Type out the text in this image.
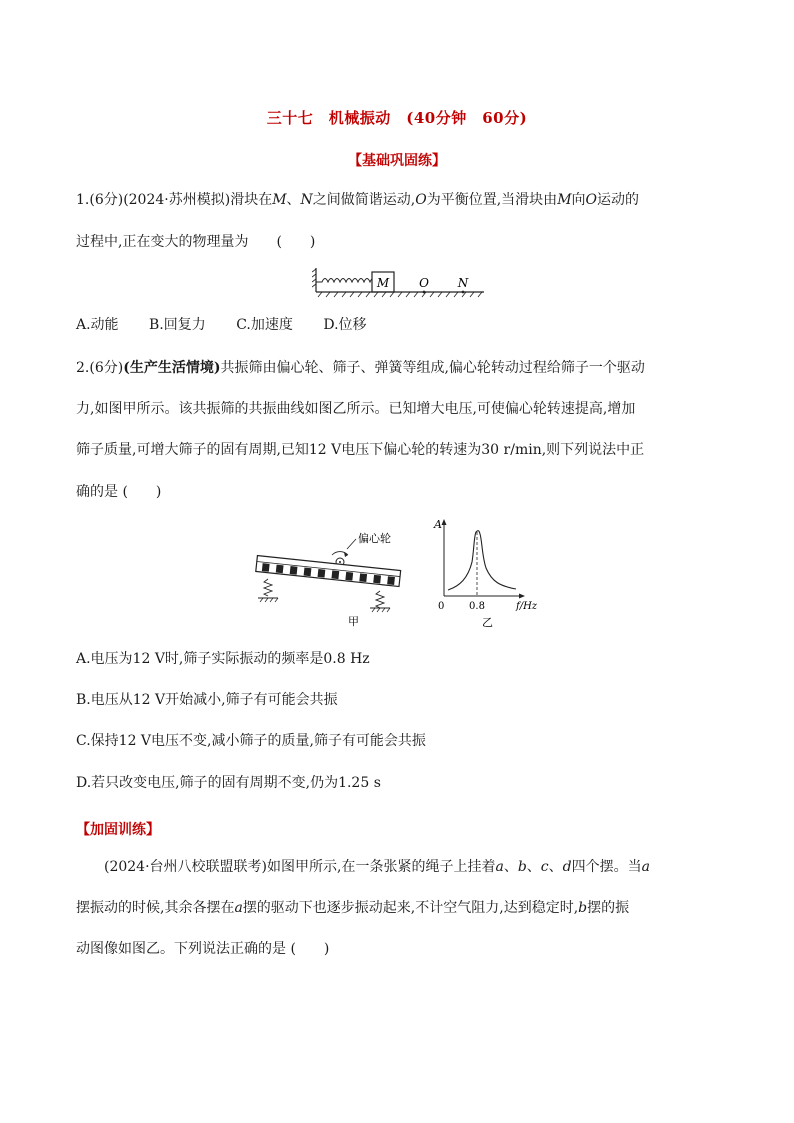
三十七　机械振动　(40分钟　60分)
【基础巩固练】
1.(6分)(2024·苏州模拟)滑块在M、N之间做简谐运动,O为平衡位置,当滑块由M向O运动的
过程中,正在变大的物理量为　　(　　)
M O N
A.动能 B.回复力 C.加速度 D.位移
2.(6分)(生产生活情境)共振筛由偏心轮、筛子、弹簧等组成,偏心轮转动过程给筛子一个驱动
力,如图甲所示。该共振筛的共振曲线如图乙所示。已知增大电压,可使偏心轮转速提高,增加
筛子质量,可增大筛子的固有周期,已知12 V电压下偏心轮的转速为30 r/min,则下列说法中正
确的是 (　　)
偏心轮
甲
A
f/Hz
0 0.8
乙
A.电压为12 V时,筛子实际振动的频率是0.8 Hz
B.电压从12 V开始减小,筛子有可能会共振
C.保持12 V电压不变,减小筛子的质量,筛子有可能会共振
D.若只改变电压,筛子的固有周期不变,仍为1.25 s
【加固训练】
(2024·台州八校联盟联考)如图甲所示,在一条张紧的绳子上挂着a、b、c、d四个摆。当a
摆振动的时候,其余各摆在a摆的驱动下也逐步振动起来,不计空气阻力,达到稳定时,b摆的振
动图像如图乙。下列说法正确的是 (　　)
